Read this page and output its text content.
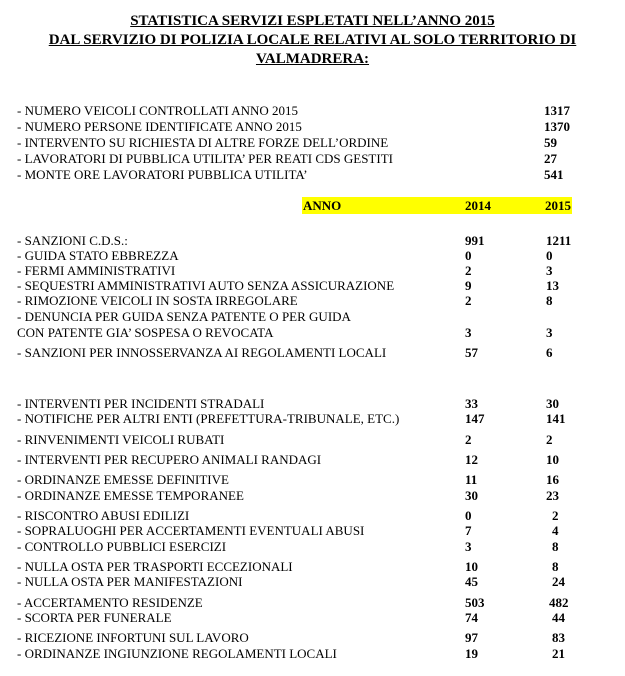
STATISTICA SERVIZI ESPLETATI NELL’ANNO 2015
DAL SERVIZIO DI POLIZIA LOCALE RELATIVI AL SOLO TERRITORIO DI
VALMADRERA:
- NUMERO VEICOLI CONTROLLATI ANNO 2015	1317
- NUMERO PERSONE IDENTIFICATE ANNO 2015	1370
- INTERVENTO SU RICHIESTA DI ALTRE FORZE DELL’ORDINE	59
- LAVORATORI DI PUBBLICA UTILITA’ PER REATI CDS GESTITI	27
- MONTE ORE LAVORATORI PUBBLICA UTILITA’	541
ANNO	2014	2015
- SANZIONI C.D.S.:	991	1211
- GUIDA STATO EBBREZZA	0	0
- FERMI AMMINISTRATIVI	2	3
- SEQUESTRI AMMINISTRATIVI AUTO SENZA ASSICURAZIONE	9	13
- RIMOZIONE VEICOLI IN SOSTA IRREGOLARE	2	8
- DENUNCIA PER GUIDA SENZA PATENTE O PER GUIDA
CON PATENTE GIA’ SOSPESA O REVOCATA	3	3
- SANZIONI PER INNOSSERVANZA AI REGOLAMENTI LOCALI	57	6
- INTERVENTI PER INCIDENTI STRADALI	33	30
- NOTIFICHE PER ALTRI ENTI (PREFETTURA-TRIBUNALE, ETC.)	147	141
- RINVENIMENTI VEICOLI RUBATI	2	2
- INTERVENTI PER RECUPERO ANIMALI RANDAGI	12	10
- ORDINANZE EMESSE DEFINITIVE	11	16
- ORDINANZE EMESSE TEMPORANEE	30	23
- RISCONTRO ABUSI EDILIZI	0	2
- SOPRALUOGHI PER ACCERTAMENTI EVENTUALI ABUSI	7	4
- CONTROLLO PUBBLICI ESERCIZI	3	8
- NULLA OSTA PER TRASPORTI ECCEZIONALI	10	8
- NULLA OSTA PER MANIFESTAZIONI	45	24
- ACCERTAMENTO RESIDENZE	503	482
- SCORTA PER FUNERALE	74	44
- RICEZIONE INFORTUNI SUL LAVORO	97	83
- ORDINANZE INGIUNZIONE REGOLAMENTI LOCALI	19	21
